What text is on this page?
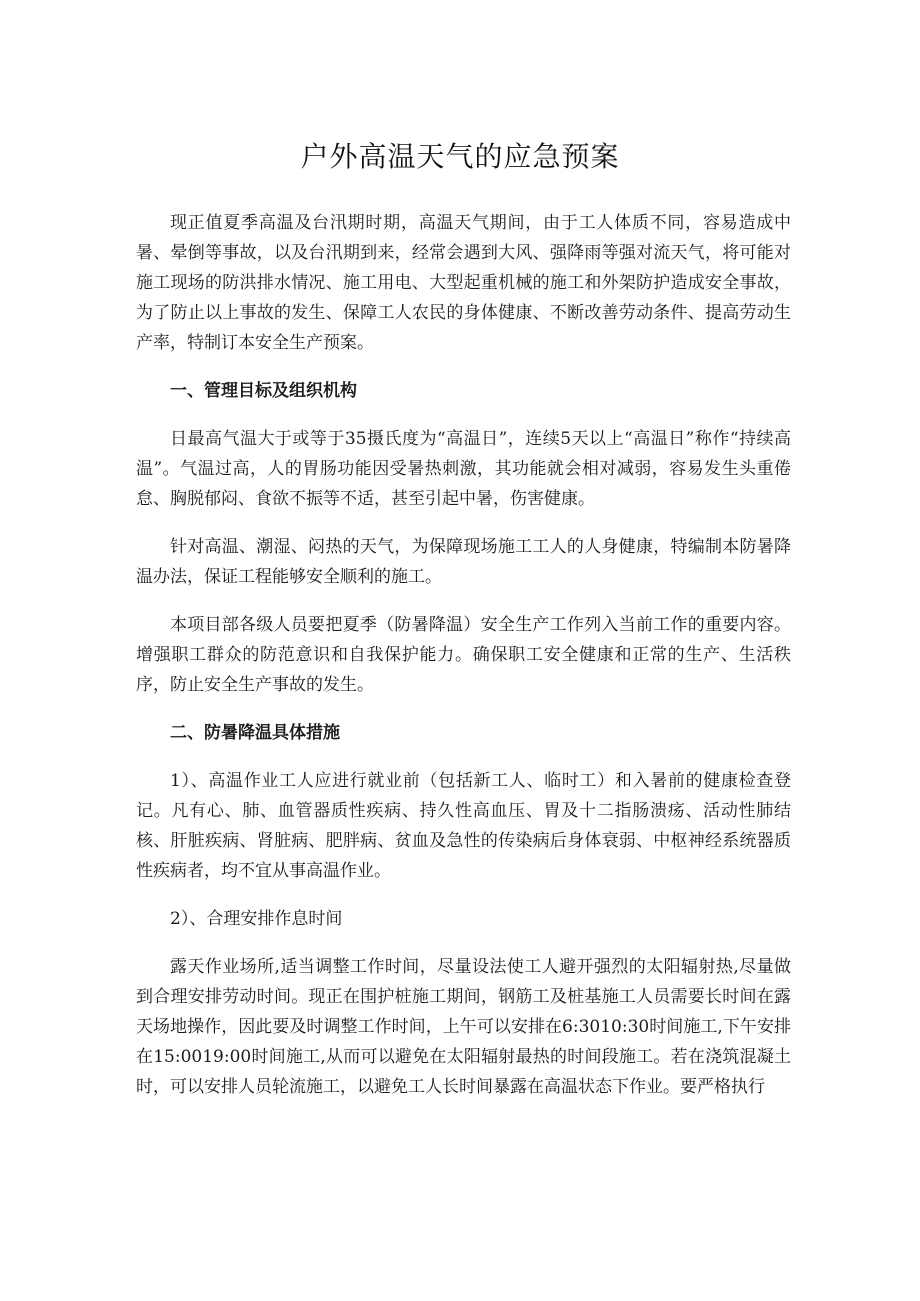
户外高温天气的应急预案

现正值夏季高温及台汛期时期，高温天气期间，由于工人体质不同，容易造成中暑、晕倒等事故，以及台汛期到来，经常会遇到大风、强降雨等强对流天气，将可能对施工现场的防洪排水情况、施工用电、大型起重机械的施工和外架防护造成安全事故，为了防止以上事故的发生、保障工人农民的身体健康、不断改善劳动条件、提高劳动生产率，特制订本安全生产预案。

一、管理目标及组织机构

日最高气温大于或等于35摄氏度为“高温日”，连续5天以上“高温日”称作“持续高温”。气温过高，人的胃肠功能因受暑热刺激，其功能就会相对减弱，容易发生头重倦怠、胸脱郁闷、食欲不振等不适，甚至引起中暑，伤害健康。

针对高温、潮湿、闷热的天气，为保障现场施工工人的人身健康，特编制本防暑降温办法，保证工程能够安全顺利的施工。

本项目部各级人员要把夏季（防暑降温）安全生产工作列入当前工作的重要内容。增强职工群众的防范意识和自我保护能力。确保职工安全健康和正常的生产、生活秩序，防止安全生产事故的发生。

二、防暑降温具体措施

1）、高温作业工人应进行就业前（包括新工人、临时工）和入暑前的健康检查登记。凡有心、肺、血管器质性疾病、持久性高血压、胃及十二指肠溃疡、活动性肺结核、肝脏疾病、肾脏病、肥胖病、贫血及急性的传染病后身体衰弱、中枢神经系统器质性疾病者，均不宜从事高温作业。

2）、合理安排作息时间

露天作业场所,适当调整工作时间，尽量设法使工人避开强烈的太阳辐射热,尽量做到合理安排劳动时间。现正在围护桩施工期间，钢筋工及桩基施工人员需要长时间在露天场地操作，因此要及时调整工作时间，上午可以安排在6:3010:30时间施工,下午安排在15:0019:00时间施工,从而可以避免在太阳辐射最热的时间段施工。若在浇筑混凝土时，可以安排人员轮流施工，以避免工人长时间暴露在高温状态下作业。要严格执行
